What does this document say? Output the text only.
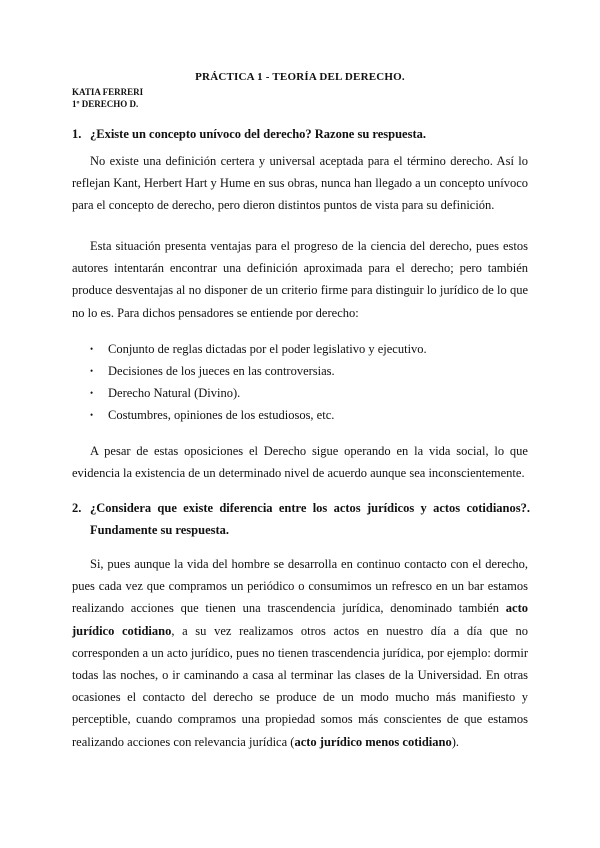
PRÁCTICA 1 - TEORÍA DEL DERECHO.
KATIA FERRERI
1º DERECHO D.
1. ¿Existe un concepto unívoco del derecho? Razone su respuesta.
No existe una definición certera y universal aceptada para el término derecho. Así lo reflejan Kant, Herbert Hart y Hume en sus obras, nunca han llegado a un concepto unívoco para el concepto de derecho, pero dieron distintos puntos de vista para su definición.
Esta situación presenta ventajas para el progreso de la ciencia del derecho, pues estos autores intentarán encontrar una definición aproximada para el derecho; pero también produce desventajas al no disponer de un criterio firme para distinguir lo jurídico de lo que no lo es. Para dichos pensadores se entiende por derecho:
• Conjunto de reglas dictadas por el poder legislativo y ejecutivo.
• Decisiones de los jueces en las controversias.
• Derecho Natural (Divino).
• Costumbres, opiniones de los estudiosos, etc.
A pesar de estas oposiciones el Derecho sigue operando en la vida social, lo que evidencia la existencia de un determinado nivel de acuerdo aunque sea inconscientemente.
2. ¿Considera que existe diferencia entre los actos jurídicos y actos cotidianos?. Fundamente su respuesta.
Si, pues aunque la vida del hombre se desarrolla en continuo contacto con el derecho, pues cada vez que compramos un periódico o consumimos un refresco en un bar estamos realizando acciones que tienen una trascendencia jurídica, denominado también acto jurídico cotidiano, a su vez realizamos otros actos en nuestro día a día que no corresponden a un acto jurídico, pues no tienen trascendencia jurídica, por ejemplo: dormir todas las noches, o ir caminando a casa al terminar las clases de la Universidad. En otras ocasiones el contacto del derecho se produce de un modo mucho más manifiesto y perceptible, cuando compramos una propiedad somos más conscientes de que estamos realizando acciones con relevancia jurídica (acto jurídico menos cotidiano).
